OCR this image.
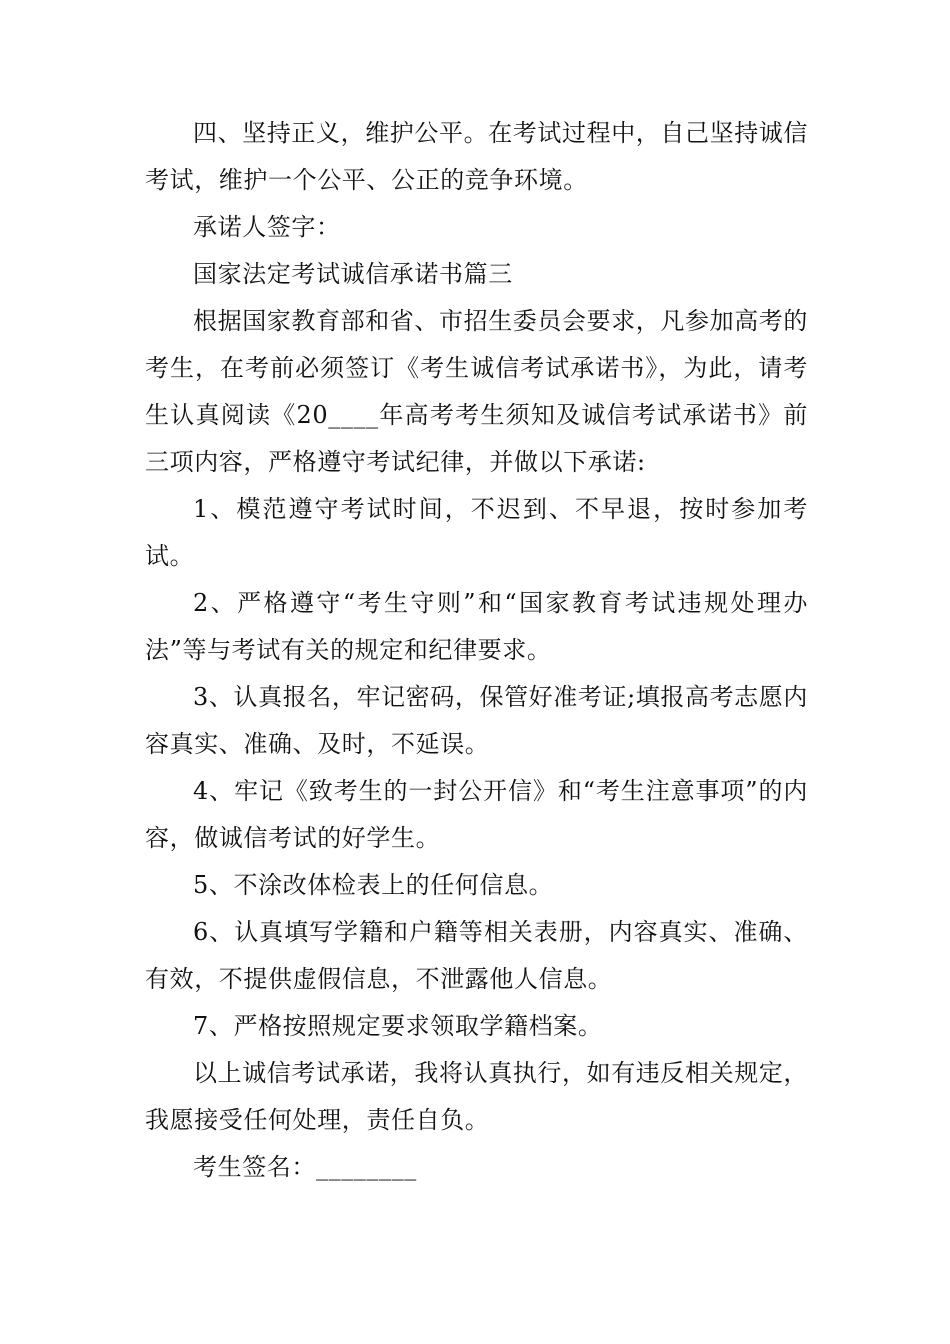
四、坚持正义，维护公平。在考试过程中，自己坚持诚信考试，维护一个公平、公正的竞争环境。

承诺人签字：

国家法定考试诚信承诺书篇三

根据国家教育部和省、市招生委员会要求，凡参加高考的考生，在考前必须签订《考生诚信考试承诺书》，为此，请考生认真阅读《20____年高考考生须知及诚信考试承诺书》前三项内容，严格遵守考试纪律，并做以下承诺:

1、模范遵守考试时间，不迟到、不早退，按时参加考试。

2、严格遵守“考生守则”和“国家教育考试违规处理办法”等与考试有关的规定和纪律要求。

3、认真报名，牢记密码，保管好准考证;填报高考志愿内容真实、准确、及时，不延误。

4、牢记《致考生的一封公开信》和“考生注意事项”的内容，做诚信考试的好学生。

5、不涂改体检表上的任何信息。

6、认真填写学籍和户籍等相关表册，内容真实、准确、有效，不提供虚假信息，不泄露他人信息。

7、严格按照规定要求领取学籍档案。

以上诚信考试承诺，我将认真执行，如有违反相关规定，我愿接受任何处理，责任自负。

考生签名：________
